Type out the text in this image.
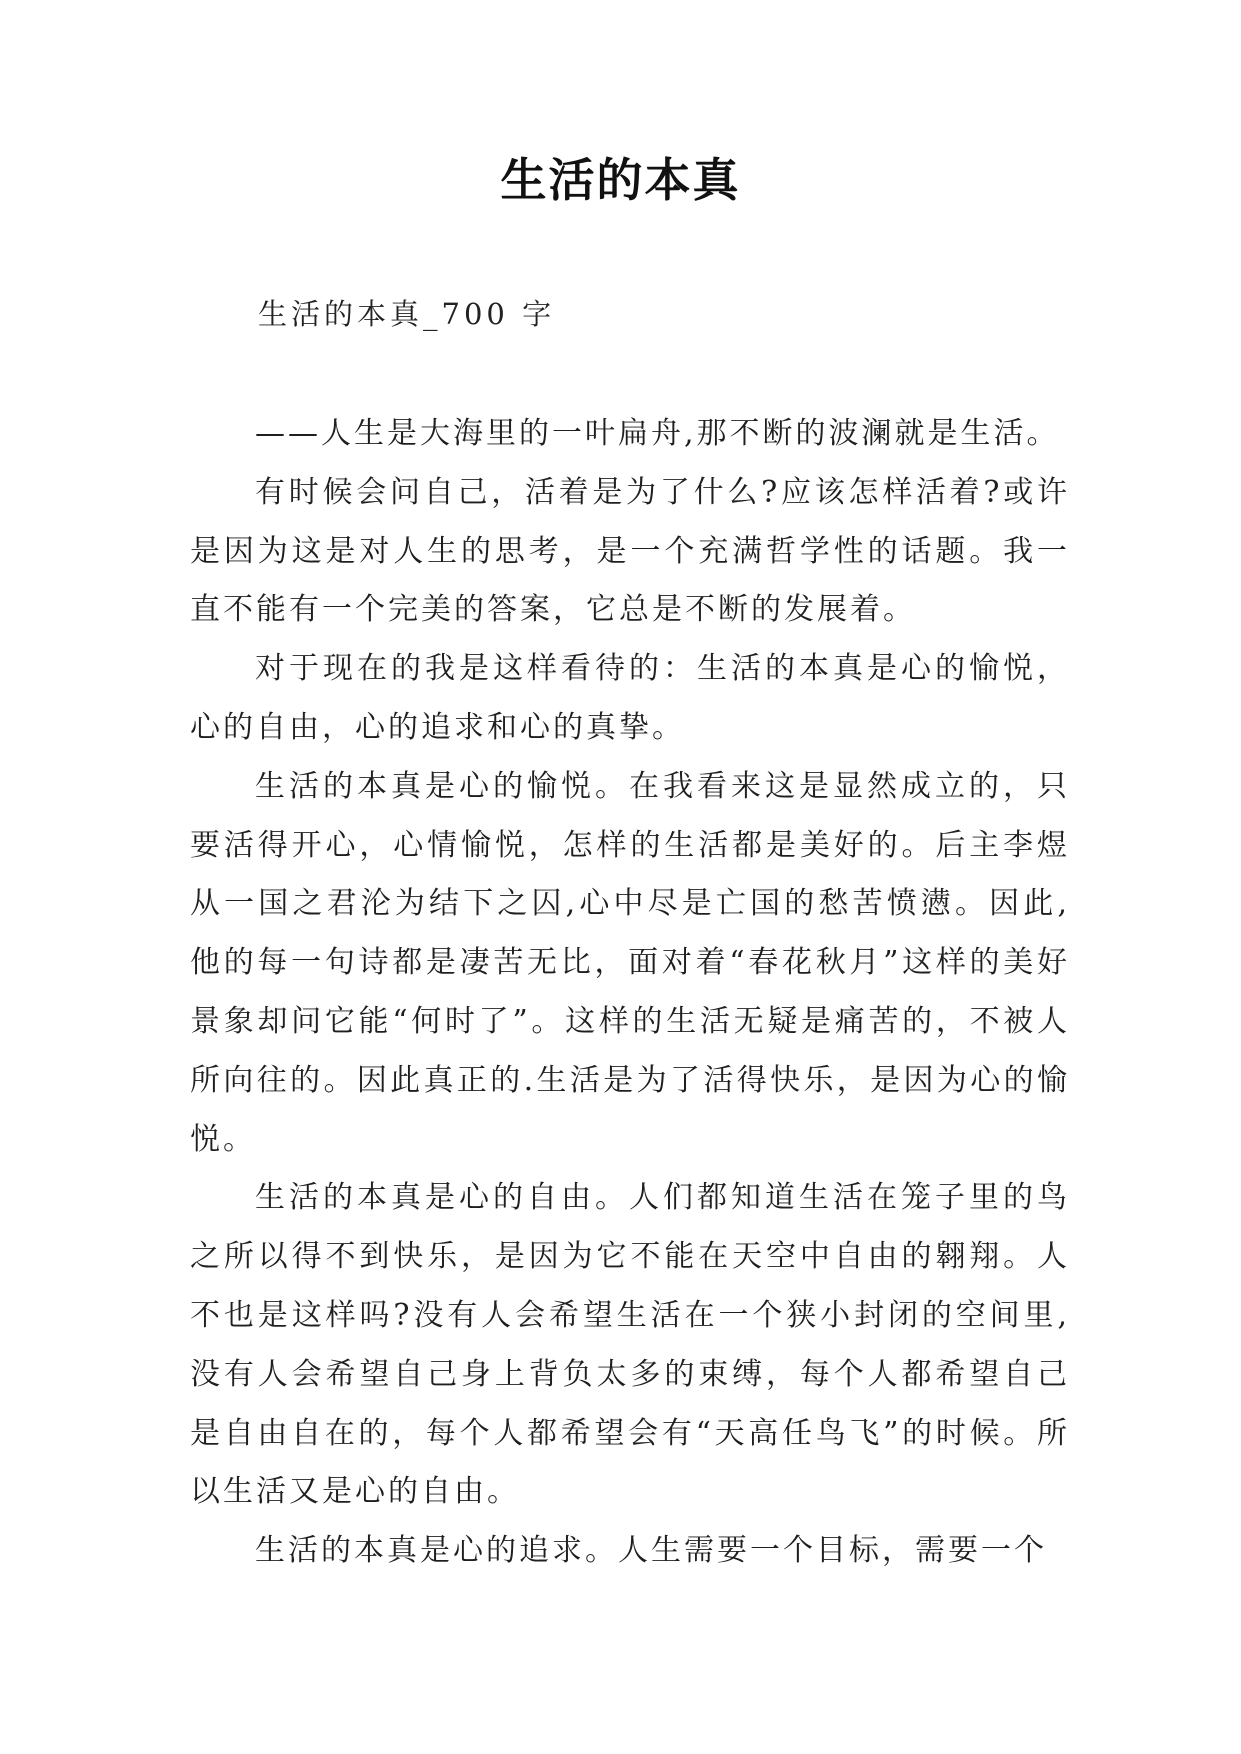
生活的本真
生活的本真_700 字

——人生是大海里的一叶扁舟,那不断的波澜就是生活。

有时候会问自己，活着是为了什么?应该怎样活着?或许是因为这是对人生的思考，是一个充满哲学性的话题。我一直不能有一个完美的答案，它总是不断的发展着。

对于现在的我是这样看待的：生活的本真是心的愉悦，心的自由，心的追求和心的真挚。

生活的本真是心的愉悦。在我看来这是显然成立的，只要活得开心，心情愉悦，怎样的生活都是美好的。后主李煜从一国之君沦为结下之囚,心中尽是亡国的愁苦愤懑。因此,他的每一句诗都是凄苦无比，面对着“春花秋月”这样的美好景象却问它能“何时了”。这样的生活无疑是痛苦的，不被人所向往的。因此真正的.生活是为了活得快乐，是因为心的愉悦。

生活的本真是心的自由。人们都知道生活在笼子里的鸟之所以得不到快乐，是因为它不能在天空中自由的翱翔。人不也是这样吗?没有人会希望生活在一个狭小封闭的空间里,没有人会希望自己身上背负太多的束缚，每个人都希望自己是自由自在的，每个人都希望会有“天高任鸟飞”的时候。所以生活又是心的自由。

生活的本真是心的追求。人生需要一个目标，需要一个
